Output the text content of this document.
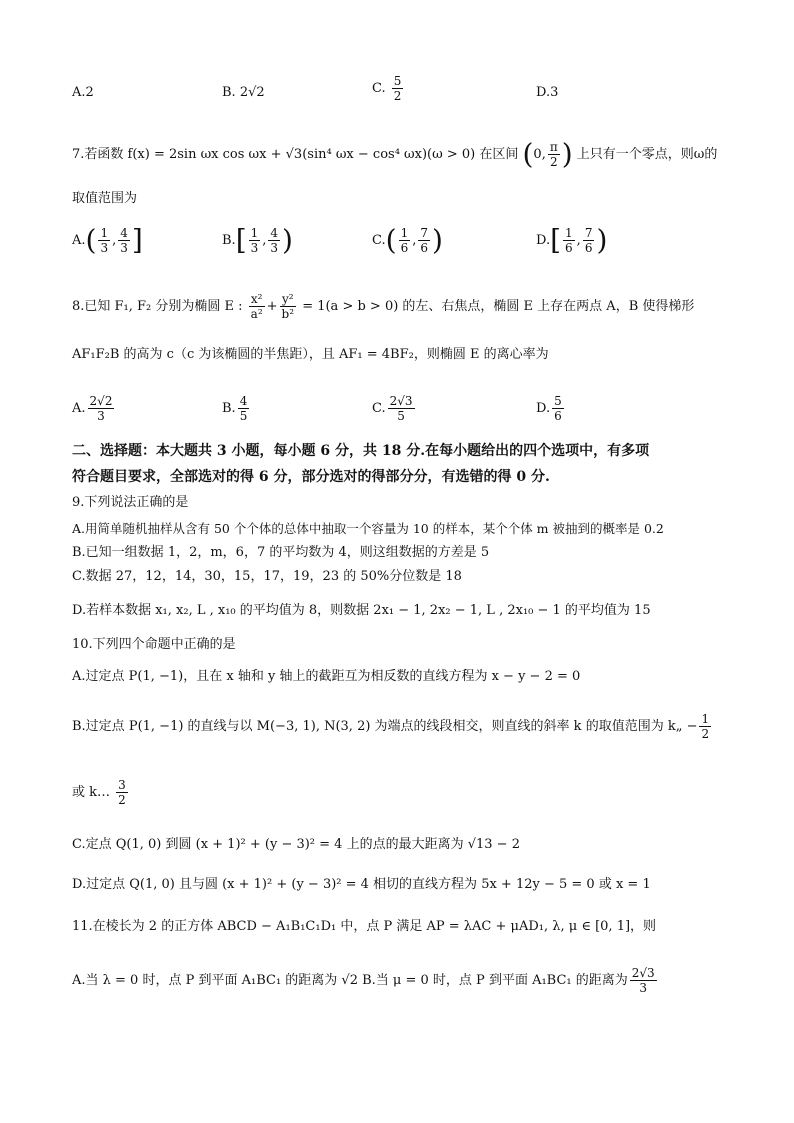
A.2	B. 2√2	C. $\frac{5}{2}$	D.3
7.若函数 f(x) = 2sin ωx cos ωx + √3(sin⁴ ωx − cos⁴ ωx)(ω > 0) 在区间 (0, $\frac{\pi}{2}$ ) 上只有一个零点，则ω的
取值范围为
$A.( \frac{1}{3}$ , $\frac{4}{3}$ ]	$B.[ \frac{1}{3}$ , $\frac{4}{3}$ )	$C.( \frac{1}{6}$ , $\frac{7}{6}$ )	$D.[ \frac{1}{6}$ , $\frac{7}{6}$ )
8.已知 F₁, F₂ 分别为椭圆 E : $\frac{\text{x²}}{\text{a²}} + \frac{\text{y²}}{\text{b²}} = 1(a > b > 0)$ 的左、右焦点，椭圆 E 上存在两点 A，B 使得梯形
AF₁F₂B 的高为 c（c 为该椭圆的半焦距），且 AF₁ = 4BF₂，则椭圆 E 的离心率为
A. $\frac{2√2}{3}$	B. $\frac{4}{5}$	C. $\frac{2√3}{5}$	D. $\frac{5}{6}$
二、选择题：本大题共 3 小题，每小题 6 分，共 18 分.在每小题给出的四个选项中，有多项
符合题目要求，全部选对的得 6 分，部分选对的得部分分，有选错的得 0 分.
9.下列说法正确的是
A.用简单随机抽样从含有 50 个个体的总体中抽取一个容量为 10 的样本，某个个体 m 被抽到的概率是 0.2
B.已知一组数据 1，2，m，6，7 的平均数为 4，则这组数据的方差是 5
C.数据 27，12，14，30，15，17，19，23 的 50%分位数是 18
D.若样本数据 x₁, x₂, L , x₁₀ 的平均值为 8，则数据 2x₁ − 1, 2x₂ − 1, L , 2x₁₀ − 1 的平均值为 15
10.下列四个命题中正确的是
A.过定点 P(1, −1)，且在 x 轴和 y 轴上的截距互为相反数的直线方程为 x − y − 2 = 0
B.过定点 P(1, −1) 的直线与以 M(−3, 1), N(3, 2) 为端点的线段相交，则直线的斜率 k 的取值范围为 k„ − $\frac{1}{2}$
或 k… $\frac{3}{2}$
C.定点 Q(1, 0) 到圆 (x + 1)² + (y − 3)² = 4 上的点的最大距离为 √13 − 2
D.过定点 Q(1, 0) 且与圆 (x + 1)² + (y − 3)² = 4 相切的直线方程为 5x + 12y − 5 = 0 或 x = 1
11.在棱长为 2 的正方体 ABCD − A₁B₁C₁D₁ 中，点 P 满足 AP = λAC + μAD₁, λ, μ ∈ [0, 1]，则
A.当 λ = 0 时，点 P 到平面 A₁BC₁ 的距离为 √2 B.当 μ = 0 时，点 P 到平面 A₁BC₁ 的距离为 $\frac{2√3}{3}$
